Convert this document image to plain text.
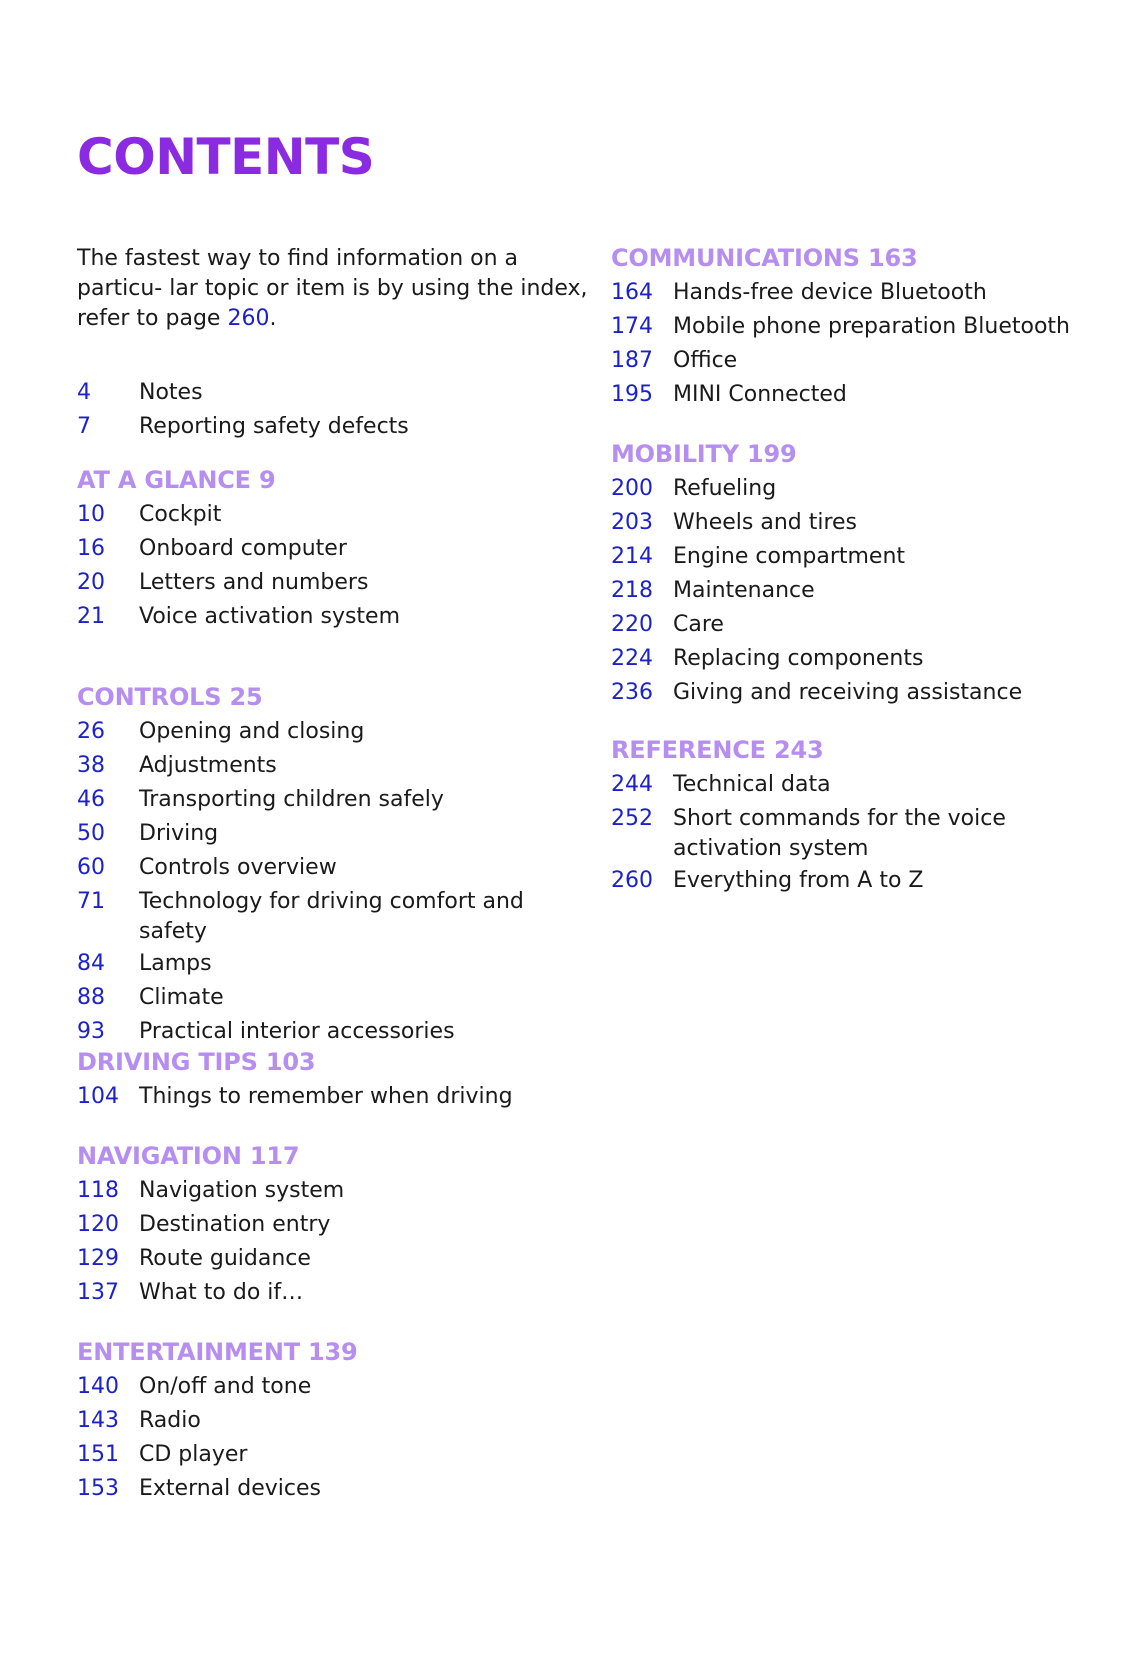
CONTENTS

The fastest way to find information on a particu- lar topic or item is by using the index, refer to page 260.

4	Notes
7	Reporting safety defects
AT A GLANCE 9
10	Cockpit
16	Onboard computer
20	Letters and numbers
21	Voice activation system
CONTROLS 25
26	Opening and closing
38	Adjustments
46	Transporting children safely
50	Driving
60	Controls overview
71	Technology for driving comfort and safety
84	Lamps
88	Climate
93	Practical interior accessories
DRIVING TIPS 103
104 Things to remember when driving
NAVIGATION 117
118 Navigation system
120 Destination entry
129 Route guidance
137 What to do if…
ENTERTAINMENT 139
140 On/off and tone
143 Radio
151 CD player
153 External devices
COMMUNICATIONS 163
164 Hands-free device Bluetooth
174 Mobile phone preparation Bluetooth
187 Office
195 MINI Connected
MOBILITY 199
200 Refueling
203 Wheels and tires
214 Engine compartment
218 Maintenance
220 Care
224 Replacing components
236 Giving and receiving assistance
REFERENCE 243
244 Technical data
252 Short commands for the voice activation system
260 Everything from A to Z
